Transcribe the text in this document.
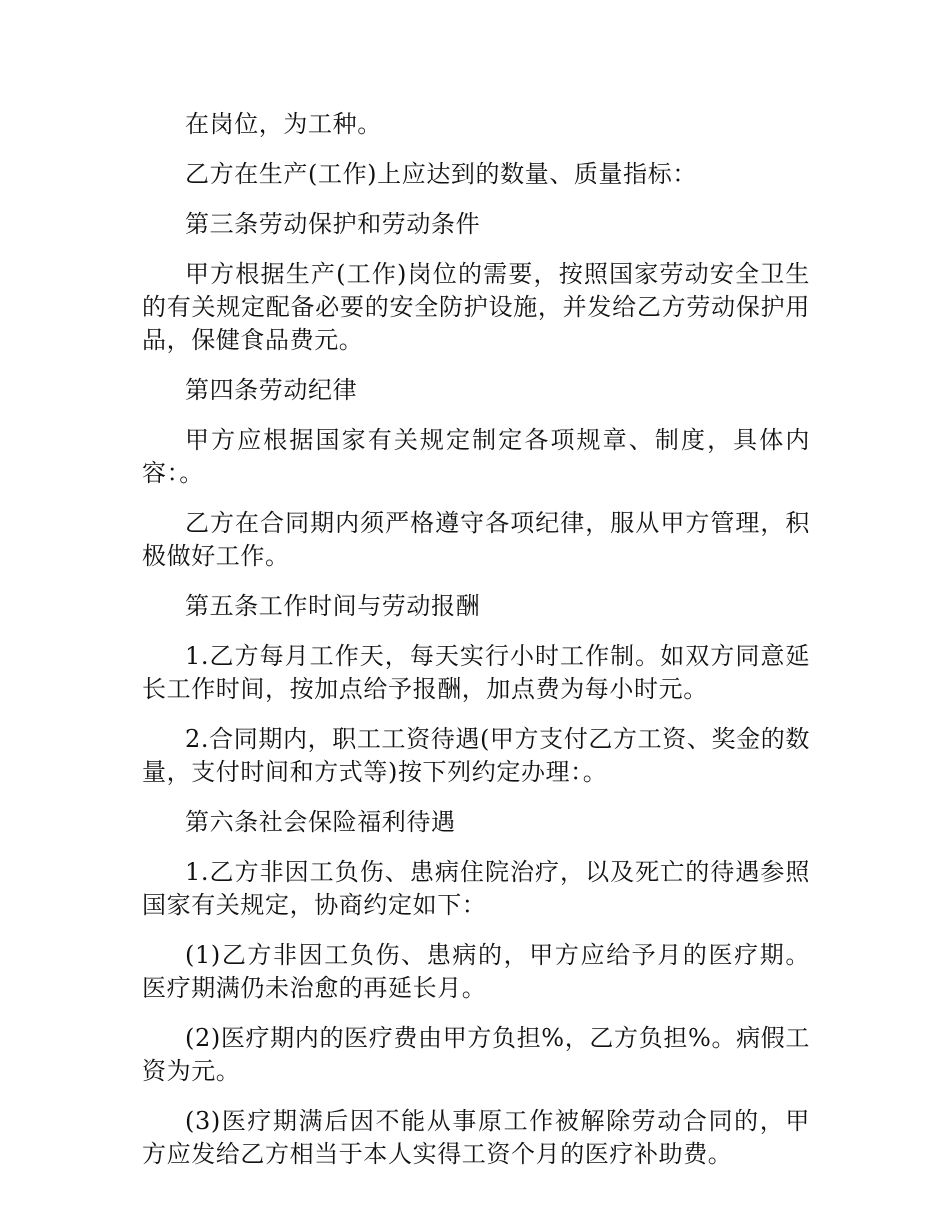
在岗位，为工种。

乙方在生产(工作)上应达到的数量、质量指标：

第三条劳动保护和劳动条件

甲方根据生产(工作)岗位的需要，按照国家劳动安全卫生的有关规定配备必要的安全防护设施，并发给乙方劳动保护用品，保健食品费元。

第四条劳动纪律

甲方应根据国家有关规定制定各项规章、制度，具体内容：。

乙方在合同期内须严格遵守各项纪律，服从甲方管理，积极做好工作。

第五条工作时间与劳动报酬

1.乙方每月工作天，每天实行小时工作制。如双方同意延长工作时间，按加点给予报酬，加点费为每小时元。

2.合同期内，职工工资待遇(甲方支付乙方工资、奖金的数量，支付时间和方式等)按下列约定办理：。

第六条社会保险福利待遇

1.乙方非因工负伤、患病住院治疗，以及死亡的待遇参照国家有关规定，协商约定如下：

(1)乙方非因工负伤、患病的，甲方应给予月的医疗期。医疗期满仍未治愈的再延长月。

(2)医疗期内的医疗费由甲方负担%，乙方负担%。病假工资为元。

(3)医疗期满后因不能从事原工作被解除劳动合同的，甲方应发给乙方相当于本人实得工资个月的医疗补助费。
